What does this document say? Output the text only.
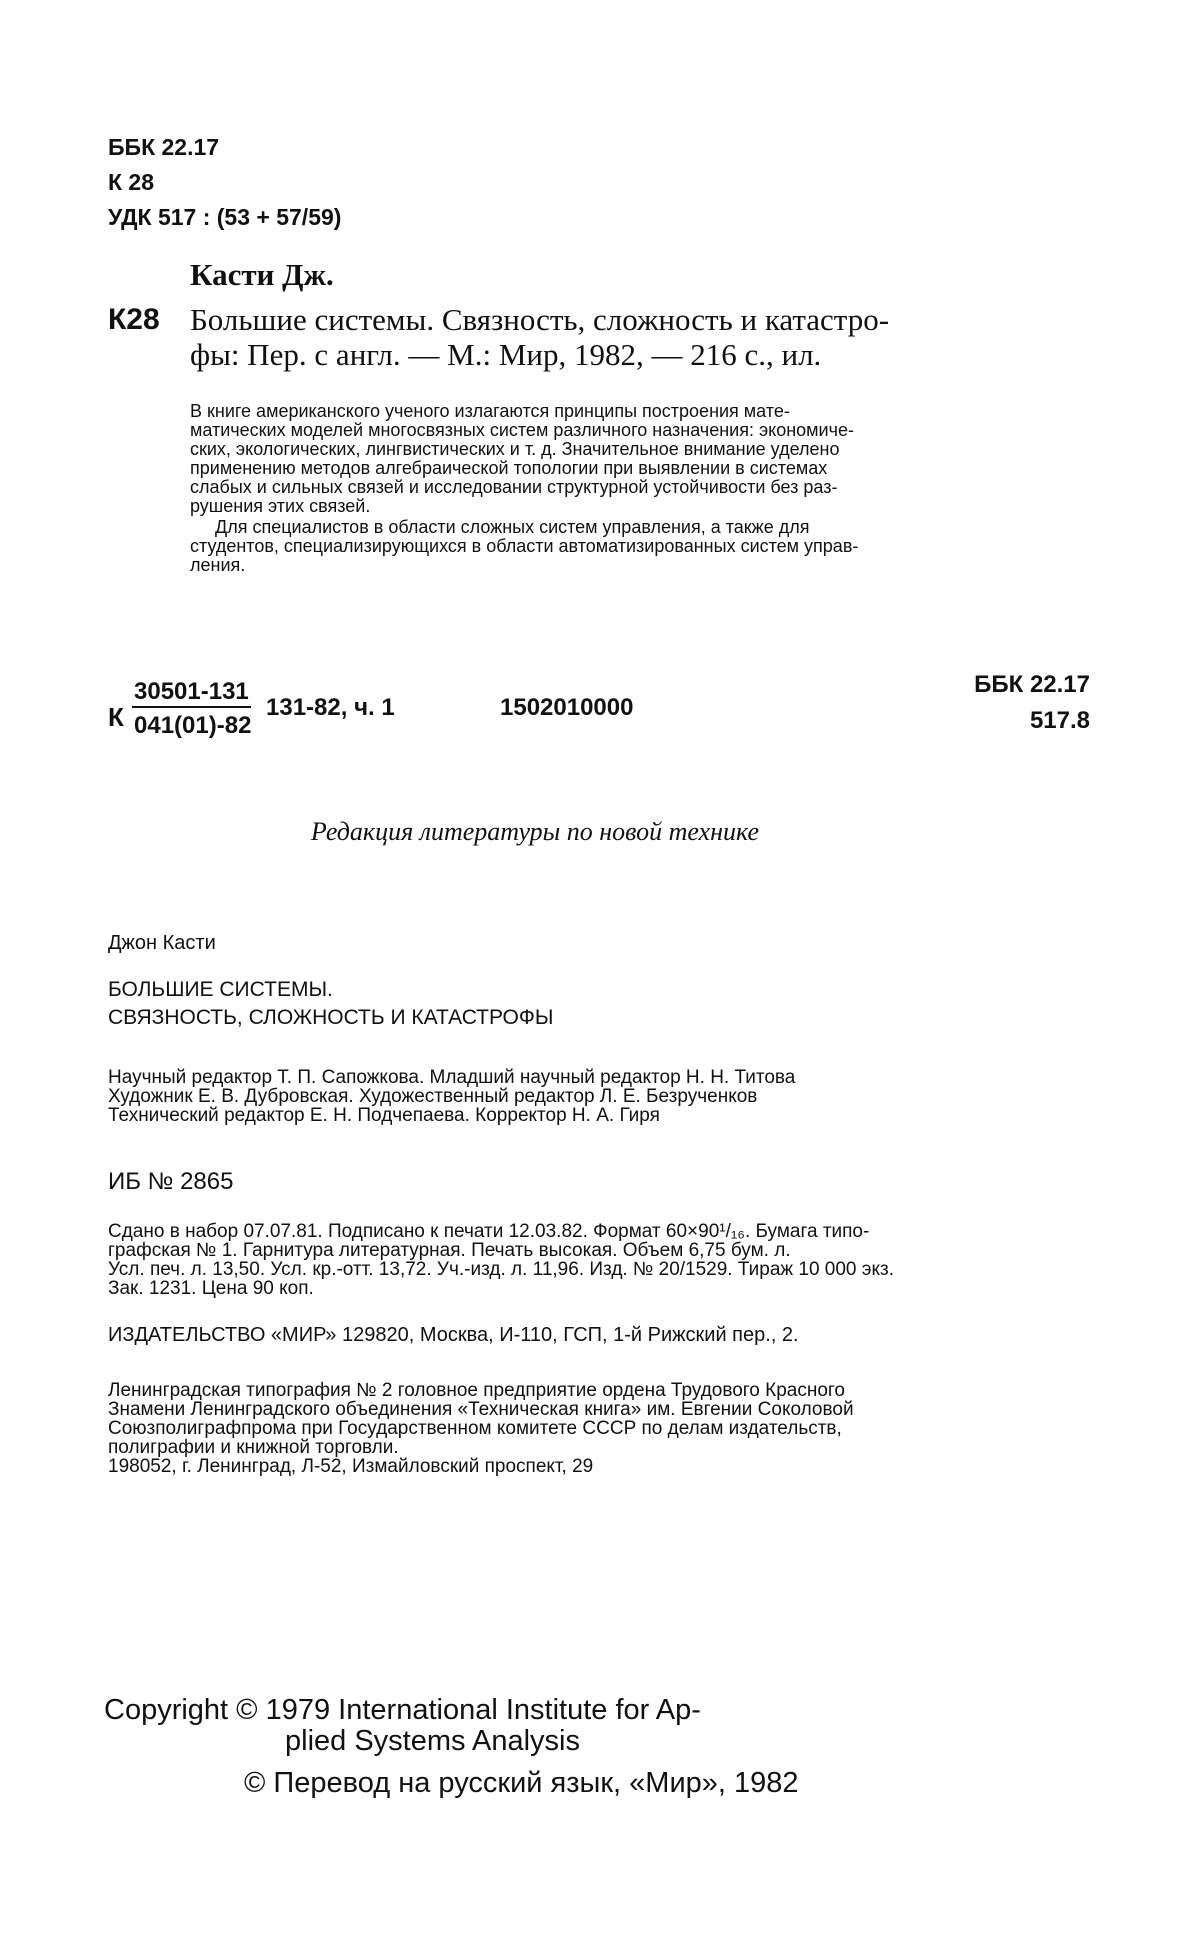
ББК 22.17
К 28
УДК 517 : (53 + 57/59)
Касти Дж.
К28 Большие системы. Связность, сложность и катастро-
фы: Пер. с англ. — М.: Мир, 1982, — 216 с., ил.
В книге американского ученого излагаются принципы построения мате-
матических моделей многосвязных систем различного назначения: экономиче-
ских, экологических, лингвистических и т. д. Значительное внимание уделено
применению методов алгебраической топологии при выявлении в системах
слабых и сильных связей и исследовании структурной устойчивости без раз-
рушения этих связей.
Для специалистов в области сложных систем управления, а также для
студентов, специализирующихся в области автоматизированных систем управ-
ления.
К
30501-131
041(01)-82
131-82, ч. 1	1502010000
ББК 22.17
517.8
Редакция литературы по новой технике
Джон Касти
БОЛЬШИЕ СИСТЕМЫ.
СВЯЗНОСТЬ, СЛОЖНОСТЬ И КАТАСТРОФЫ
Научный редактор Т. П. Сапожкова. Младший научный редактор Н. Н. Титова
Художник Е. В. Дубровская. Художественный редактор Л. Е. Безрученков
Технический редактор Е. Н. Подчепаева. Корректор Н. А. Гиря
ИБ № 2865
Сдано в набор 07.07.81. Подписано к печати 12.03.82. Формат 60×90¹/₁₆. Бумага типо-
графская № 1. Гарнитура литературная. Печать высокая. Объем 6,75 бум. л.
Усл. печ. л. 13,50. Усл. кр.-отт. 13,72. Уч.-изд. л. 11,96. Изд. № 20/1529. Тираж 10 000 экз.
Зак. 1231. Цена 90 коп.
ИЗДАТЕЛЬСТВО «МИР» 129820, Москва, И-110, ГСП, 1-й Рижский пер., 2.
Ленинградская типография № 2 головное предприятие ордена Трудового Красного
Знамени Ленинградского объединения «Техническая книга» им. Евгении Соколовой
Союзполиграфпрома при Государственном комитете СССР по делам издательств,
полиграфии и книжной торговли.
198052, г. Ленинград, Л-52, Измайловский проспект, 29
Copyright © 1979 International Institute for Ap-
plied Systems Analysis
© Перевод на русский язык, «Мир», 1982
